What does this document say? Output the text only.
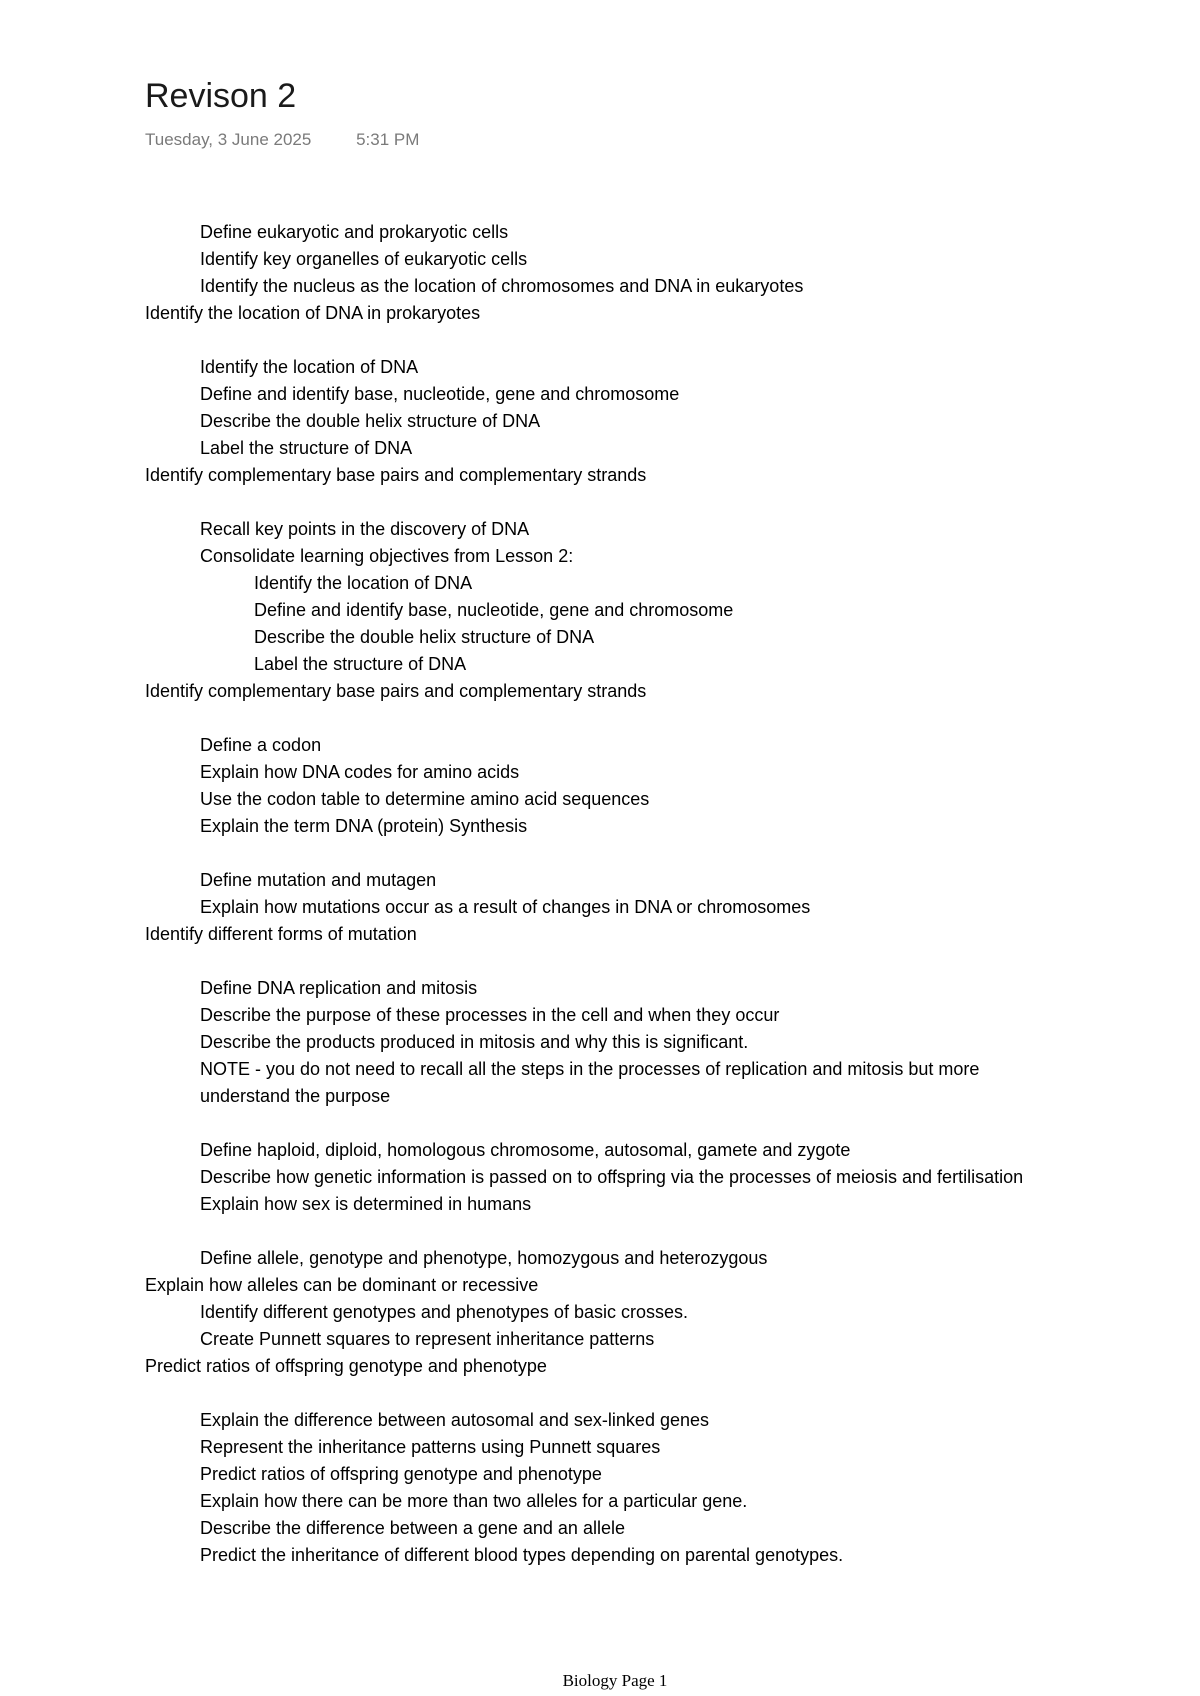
Revison 2
Tuesday, 3 June 2025	5:31 PM
Define eukaryotic and prokaryotic cells
Identify key organelles of eukaryotic cells
Identify the nucleus as the location of chromosomes and DNA in eukaryotes
Identify the location of DNA in prokaryotes
Identify the location of DNA
Define and identify base, nucleotide, gene and chromosome
Describe the double helix structure of DNA
Label the structure of DNA
Identify complementary base pairs and complementary strands
Recall key points in the discovery of DNA
Consolidate learning objectives from Lesson 2:
Identify the location of DNA
Define and identify base, nucleotide, gene and chromosome
Describe the double helix structure of DNA
Label the structure of DNA
Identify complementary base pairs and complementary strands
Define a codon
Explain how DNA codes for amino acids
Use the codon table to determine amino acid sequences
Explain the term DNA (protein) Synthesis
Define mutation and mutagen
Explain how mutations occur as a result of changes in DNA or chromosomes
Identify different forms of mutation
Define DNA replication and mitosis
Describe the purpose of these processes in the cell and when they occur
Describe the products produced in mitosis and why this is significant.
NOTE - you do not need to recall all the steps in the processes of replication and mitosis but more understand the purpose
Define haploid, diploid, homologous chromosome, autosomal, gamete and zygote
Describe how genetic information is passed on to offspring via the processes of meiosis and fertilisation
Explain how sex is determined in humans
Define allele, genotype and phenotype, homozygous and heterozygous
Explain how alleles can be dominant or recessive
Identify different genotypes and phenotypes of basic crosses.
Create Punnett squares to represent inheritance patterns
Predict ratios of offspring genotype and phenotype
Explain the difference between autosomal and sex-linked genes
Represent the inheritance patterns using Punnett squares
Predict ratios of offspring genotype and phenotype
Explain how there can be more than two alleles for a particular gene.
Describe the difference between a gene and an allele
Predict the inheritance of different blood types depending on parental genotypes.
Biology Page 1
